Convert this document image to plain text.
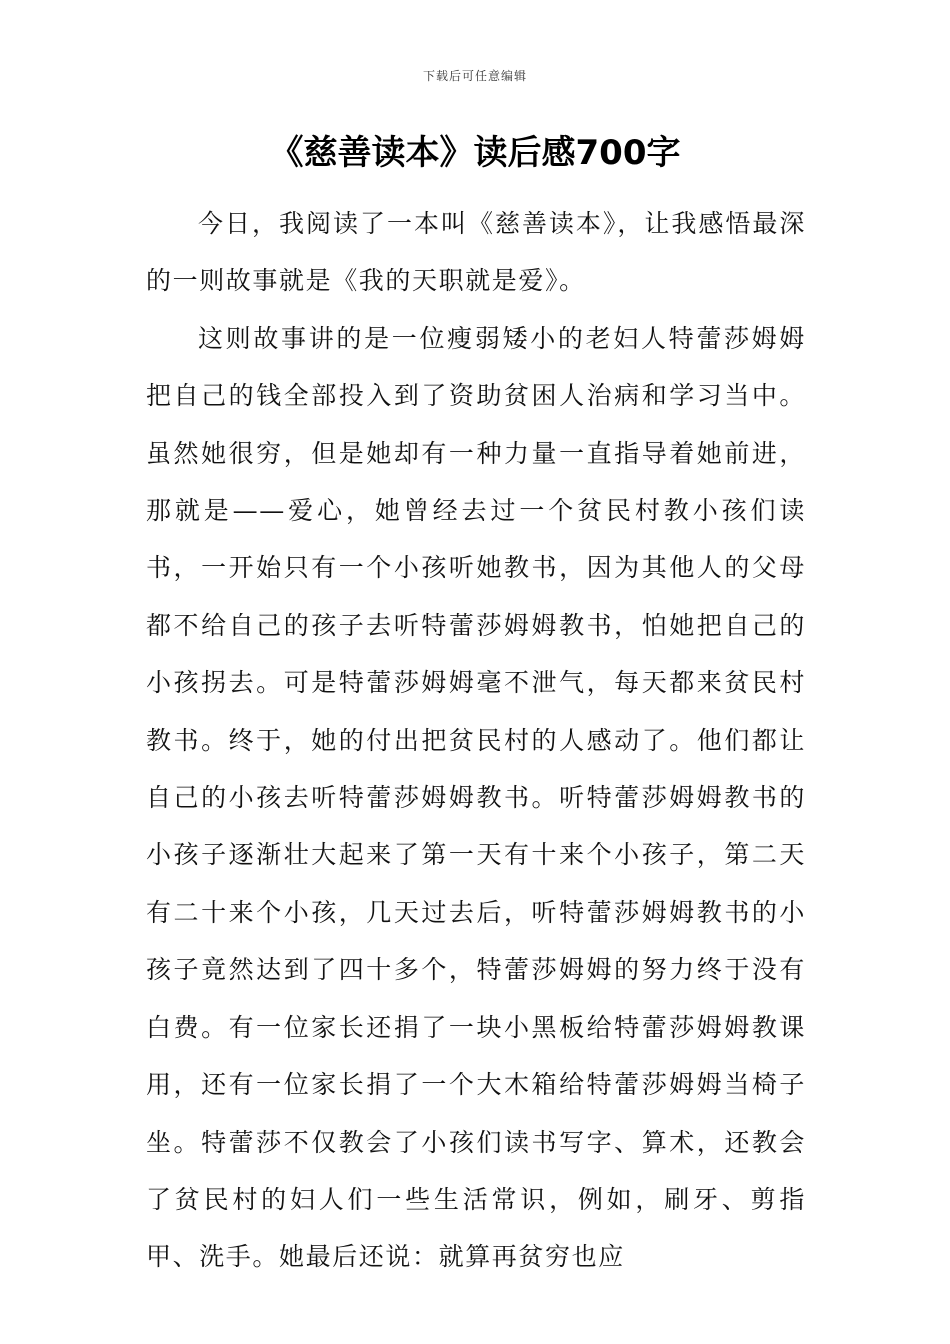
下载后可任意编辑
《慈善读本》读后感700字

今日，我阅读了一本叫《慈善读本》，让我感悟最深的一则故事就是《我的天职就是爱》。

这则故事讲的是一位瘦弱矮小的老妇人特蕾莎姆姆把自己的钱全部投入到了资助贫困人治病和学习当中。虽然她很穷，但是她却有一种力量一直指导着她前进，那就是——爱心，她曾经去过一个贫民村教小孩们读书，一开始只有一个小孩听她教书，因为其他人的父母都不给自己的孩子去听特蕾莎姆姆教书，怕她把自己的小孩拐去。可是特蕾莎姆姆毫不泄气，每天都来贫民村教书。终于，她的付出把贫民村的人感动了。他们都让自己的小孩去听特蕾莎姆姆教书。听特蕾莎姆姆教书的小孩子逐渐壮大起来了第一天有十来个小孩子，第二天有二十来个小孩，几天过去后，听特蕾莎姆姆教书的小孩子竟然达到了四十多个，特蕾莎姆姆的努力终于没有白费。有一位家长还捐了一块小黑板给特蕾莎姆姆教课用，还有一位家长捐了一个大木箱给特蕾莎姆姆当椅子坐。特蕾莎不仅教会了小孩们读书写字、算术，还教会了贫民村的妇人们一些生活常识，例如，刷牙、剪指甲、洗手。她最后还说：就算再贫穷也应
